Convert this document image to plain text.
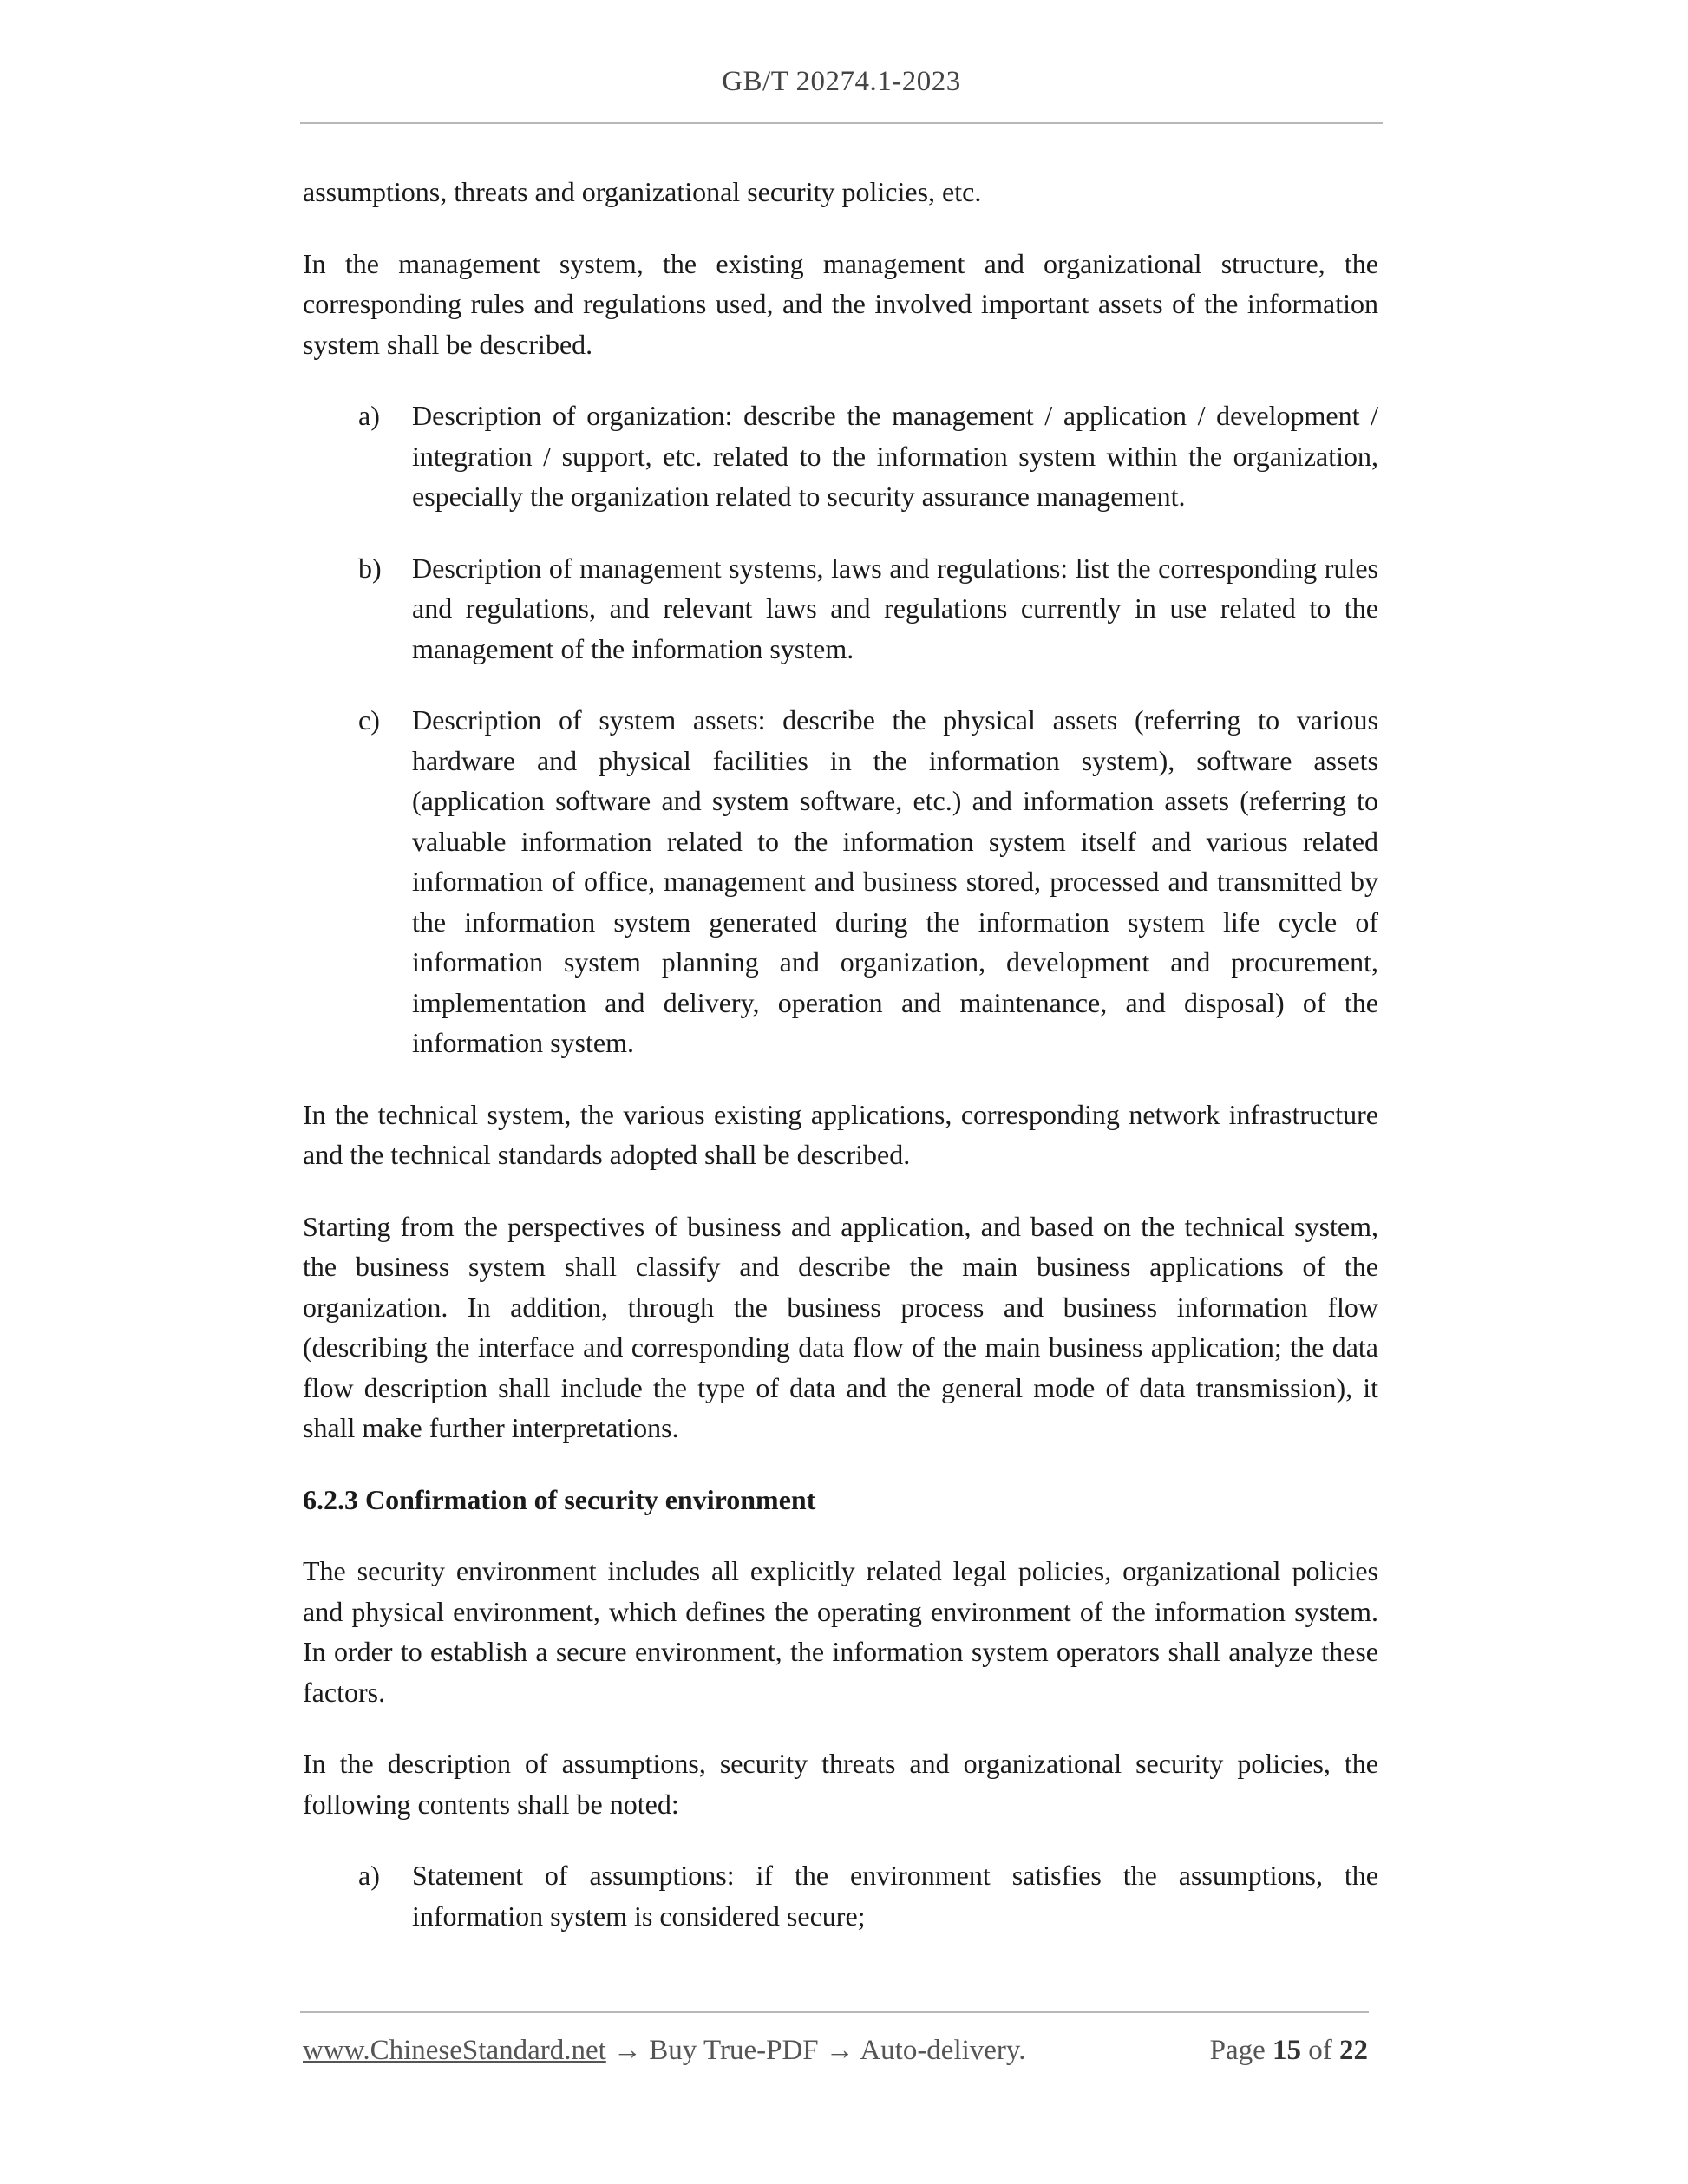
GB/T 20274.1-2023

assumptions, threats and organizational security policies, etc.

In the management system, the existing management and organizational structure, the corresponding rules and regulations used, and the involved important assets of the information system shall be described.

a)	Description of organization: describe the management / application / development / integration / support, etc. related to the information system within the organization, especially the organization related to security assurance management.
b)	Description of management systems, laws and regulations: list the corresponding rules and regulations, and relevant laws and regulations currently in use related to the management of the information system.
c)	Description of system assets: describe the physical assets (referring to various hardware and physical facilities in the information system), software assets (application software and system software, etc.) and information assets (referring to valuable information related to the information system itself and various related information of office, management and business stored, processed and transmitted by the information system generated during the information system life cycle of information system planning and organization, development and procurement, implementation and delivery, operation and maintenance, and disposal) of the information system.

In the technical system, the various existing applications, corresponding network infrastructure and the technical standards adopted shall be described.

Starting from the perspectives of business and application, and based on the technical system, the business system shall classify and describe the main business applications of the organization. In addition, through the business process and business information flow (describing the interface and corresponding data flow of the main business application; the data flow description shall include the type of data and the general mode of data transmission), it shall make further interpretations.

6.2.3 Confirmation of security environment

The security environment includes all explicitly related legal policies, organizational policies and physical environment, which defines the operating environment of the information system. In order to establish a secure environment, the information system operators shall analyze these factors.

In the description of assumptions, security threats and organizational security policies, the following contents shall be noted:

a)	Statement of assumptions: if the environment satisfies the assumptions, the information system is considered secure;
www.ChineseStandard.net → Buy True-PDF → Auto-delivery.	Page 15 of 22
